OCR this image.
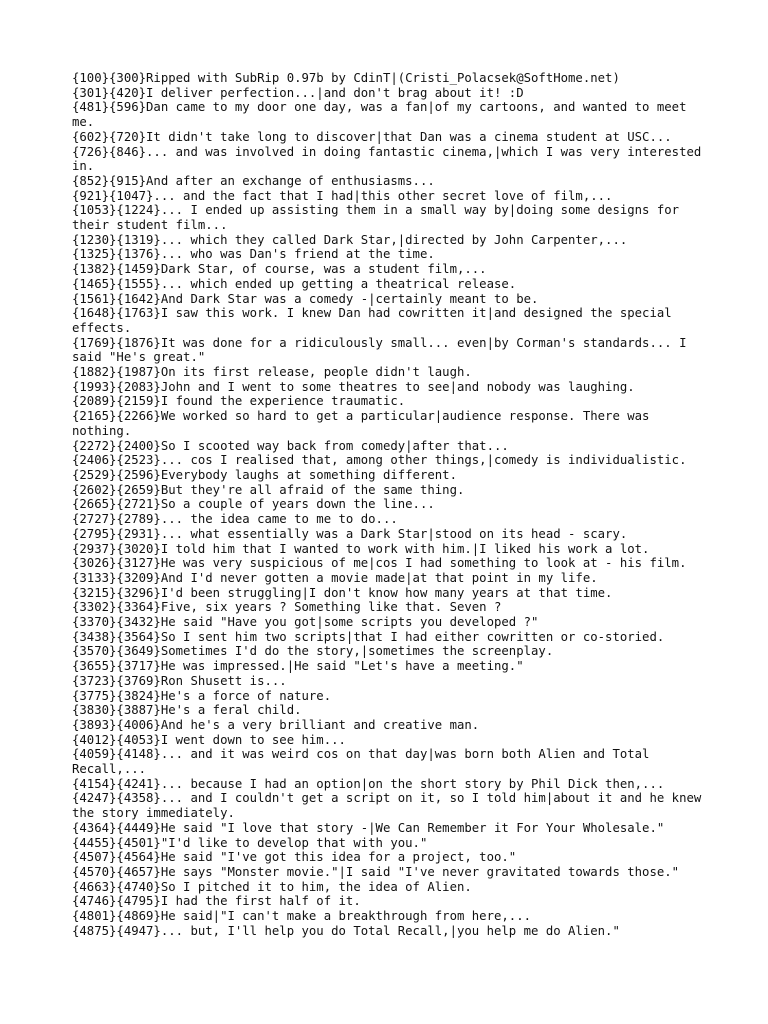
{100}{300}Ripped with SubRip 0.97b by CdinT|(Cristi_Polacsek@SoftHome.net)
{301}{420}I deliver perfection...|and don't brag about it! :D
{481}{596}Dan came to my door one day, was a fan|of my cartoons, and wanted to meet me.
{602}{720}It didn't take long to discover|that Dan was a cinema student at USC...
{726}{846}... and was involved in doing fantastic cinema,|which I was very interested in.
{852}{915}And after an exchange of enthusiasms...
{921}{1047}... and the fact that I had|this other secret love of film,...
{1053}{1224}... I ended up assisting them in a small way by|doing some designs for their student film...
{1230}{1319}... which they called Dark Star,|directed by John Carpenter,...
{1325}{1376}... who was Dan's friend at the time.
{1382}{1459}Dark Star, of course, was a student film,...
{1465}{1555}... which ended up getting a theatrical release.
{1561}{1642}And Dark Star was a comedy -|certainly meant to be.
{1648}{1763}I saw this work. I knew Dan had cowritten it|and designed the special effects.
{1769}{1876}It was done for a ridiculously small... even|by Corman's standards... I said "He's great."
{1882}{1987}On its first release, people didn't laugh.
{1993}{2083}John and I went to some theatres to see|and nobody was laughing.
{2089}{2159}I found the experience traumatic.
{2165}{2266}We worked so hard to get a particular|audience response. There was nothing.
{2272}{2400}So I scooted way back from comedy|after that...
{2406}{2523}... cos I realised that, among other things,|comedy is individualistic.
{2529}{2596}Everybody laughs at something different.
{2602}{2659}But they're all afraid of the same thing.
{2665}{2721}So a couple of years down the line...
{2727}{2789}... the idea came to me to do...
{2795}{2931}... what essentially was a Dark Star|stood on its head - scary.
{2937}{3020}I told him that I wanted to work with him.|I liked his work a lot.
{3026}{3127}He was very suspicious of me|cos I had something to look at - his film.
{3133}{3209}And I'd never gotten a movie made|at that point in my life.
{3215}{3296}I'd been struggling|I don't know how many years at that time.
{3302}{3364}Five, six years ? Something like that. Seven ?
{3370}{3432}He said "Have you got|some scripts you developed ?"
{3438}{3564}So I sent him two scripts|that I had either cowritten or co-storied.
{3570}{3649}Sometimes I'd do the story,|sometimes the screenplay.
{3655}{3717}He was impressed.|He said "Let's have a meeting."
{3723}{3769}Ron Shusett is...
{3775}{3824}He's a force of nature.
{3830}{3887}He's a feral child.
{3893}{4006}And he's a very brilliant and creative man.
{4012}{4053}I went down to see him...
{4059}{4148}... and it was weird cos on that day|was born both Alien and Total Recall,...
{4154}{4241}... because I had an option|on the short story by Phil Dick then,...
{4247}{4358}... and I couldn't get a script on it, so I told him|about it and he knew the story immediately.
{4364}{4449}He said "I love that story -|We Can Remember it For Your Wholesale."
{4455}{4501}"I'd like to develop that with you."
{4507}{4564}He said "I've got this idea for a project, too."
{4570}{4657}He says "Monster movie."|I said "I've never gravitated towards those."
{4663}{4740}So I pitched it to him, the idea of Alien.
{4746}{4795}I had the first half of it.
{4801}{4869}He said|"I can't make a breakthrough from here,...
{4875}{4947}... but, I'll help you do Total Recall,|you help me do Alien."
